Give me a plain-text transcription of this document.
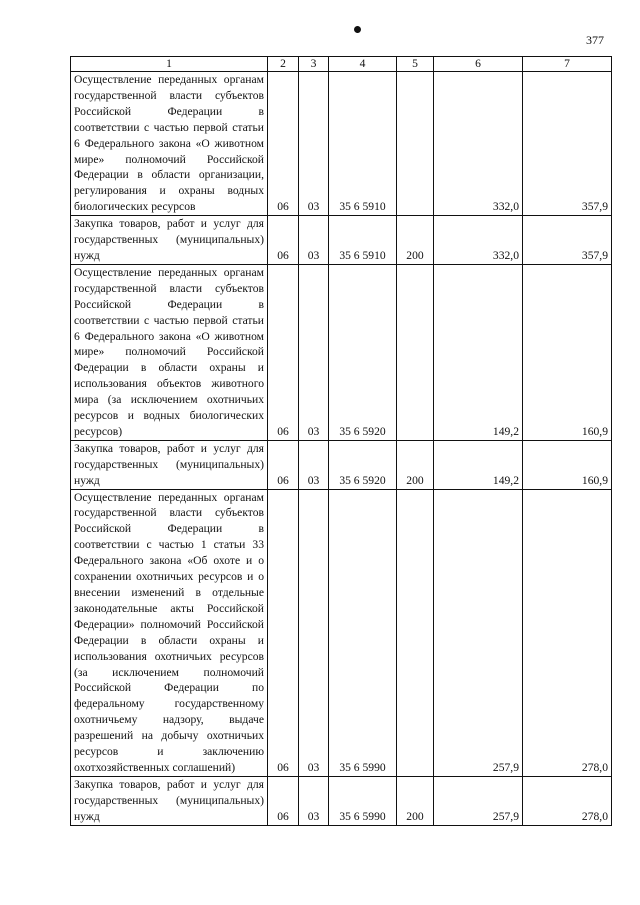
377
1	2	3	4	5	6	7

Осуществление переданных органам государственной власти субъектов Российской Федерации в соответствии с частью первой статьи 6 Федерального закона «О животном мире» полномочий Российской Федерации в области организации, регулирования и охраны водных биологических ресурсов	06	03	35 6 5910		332,0	357,9

Закупка товаров, работ и услуг для государственных (муниципальных) нужд	06	03	35 6 5910	200	332,0	357,9

Осуществление переданных органам государственной власти субъектов Российской Федерации в соответствии с частью первой статьи 6 Федерального закона «О животном мире» полномочий Российской Федерации в области охраны и использования объектов животного мира (за исключением охотничьих ресурсов и водных биологических ресурсов)	06	03	35 6 5920		149,2	160,9

Закупка товаров, работ и услуг для государственных (муниципальных) нужд	06	03	35 6 5920	200	149,2	160,9

Осуществление переданных органам государственной власти субъектов Российской Федерации в соответствии с частью 1 статьи 33 Федерального закона «Об охоте и о сохранении охотничьих ресурсов и о внесении изменений в отдельные законодательные акты Российской Федерации» полномочий Российской Федерации в области охраны и использования охотничьих ресурсов (за исключением полномочий Российской Федерации по федеральному государственному охотничьему надзору, выдаче разрешений на добычу охотничьих ресурсов и заключению охотхозяйственных соглашений)	06	03	35 6 5990		257,9	278,0

Закупка товаров, работ и услуг для государственных (муниципальных) нужд	06	03	35 6 5990	200	257,9	278,0
